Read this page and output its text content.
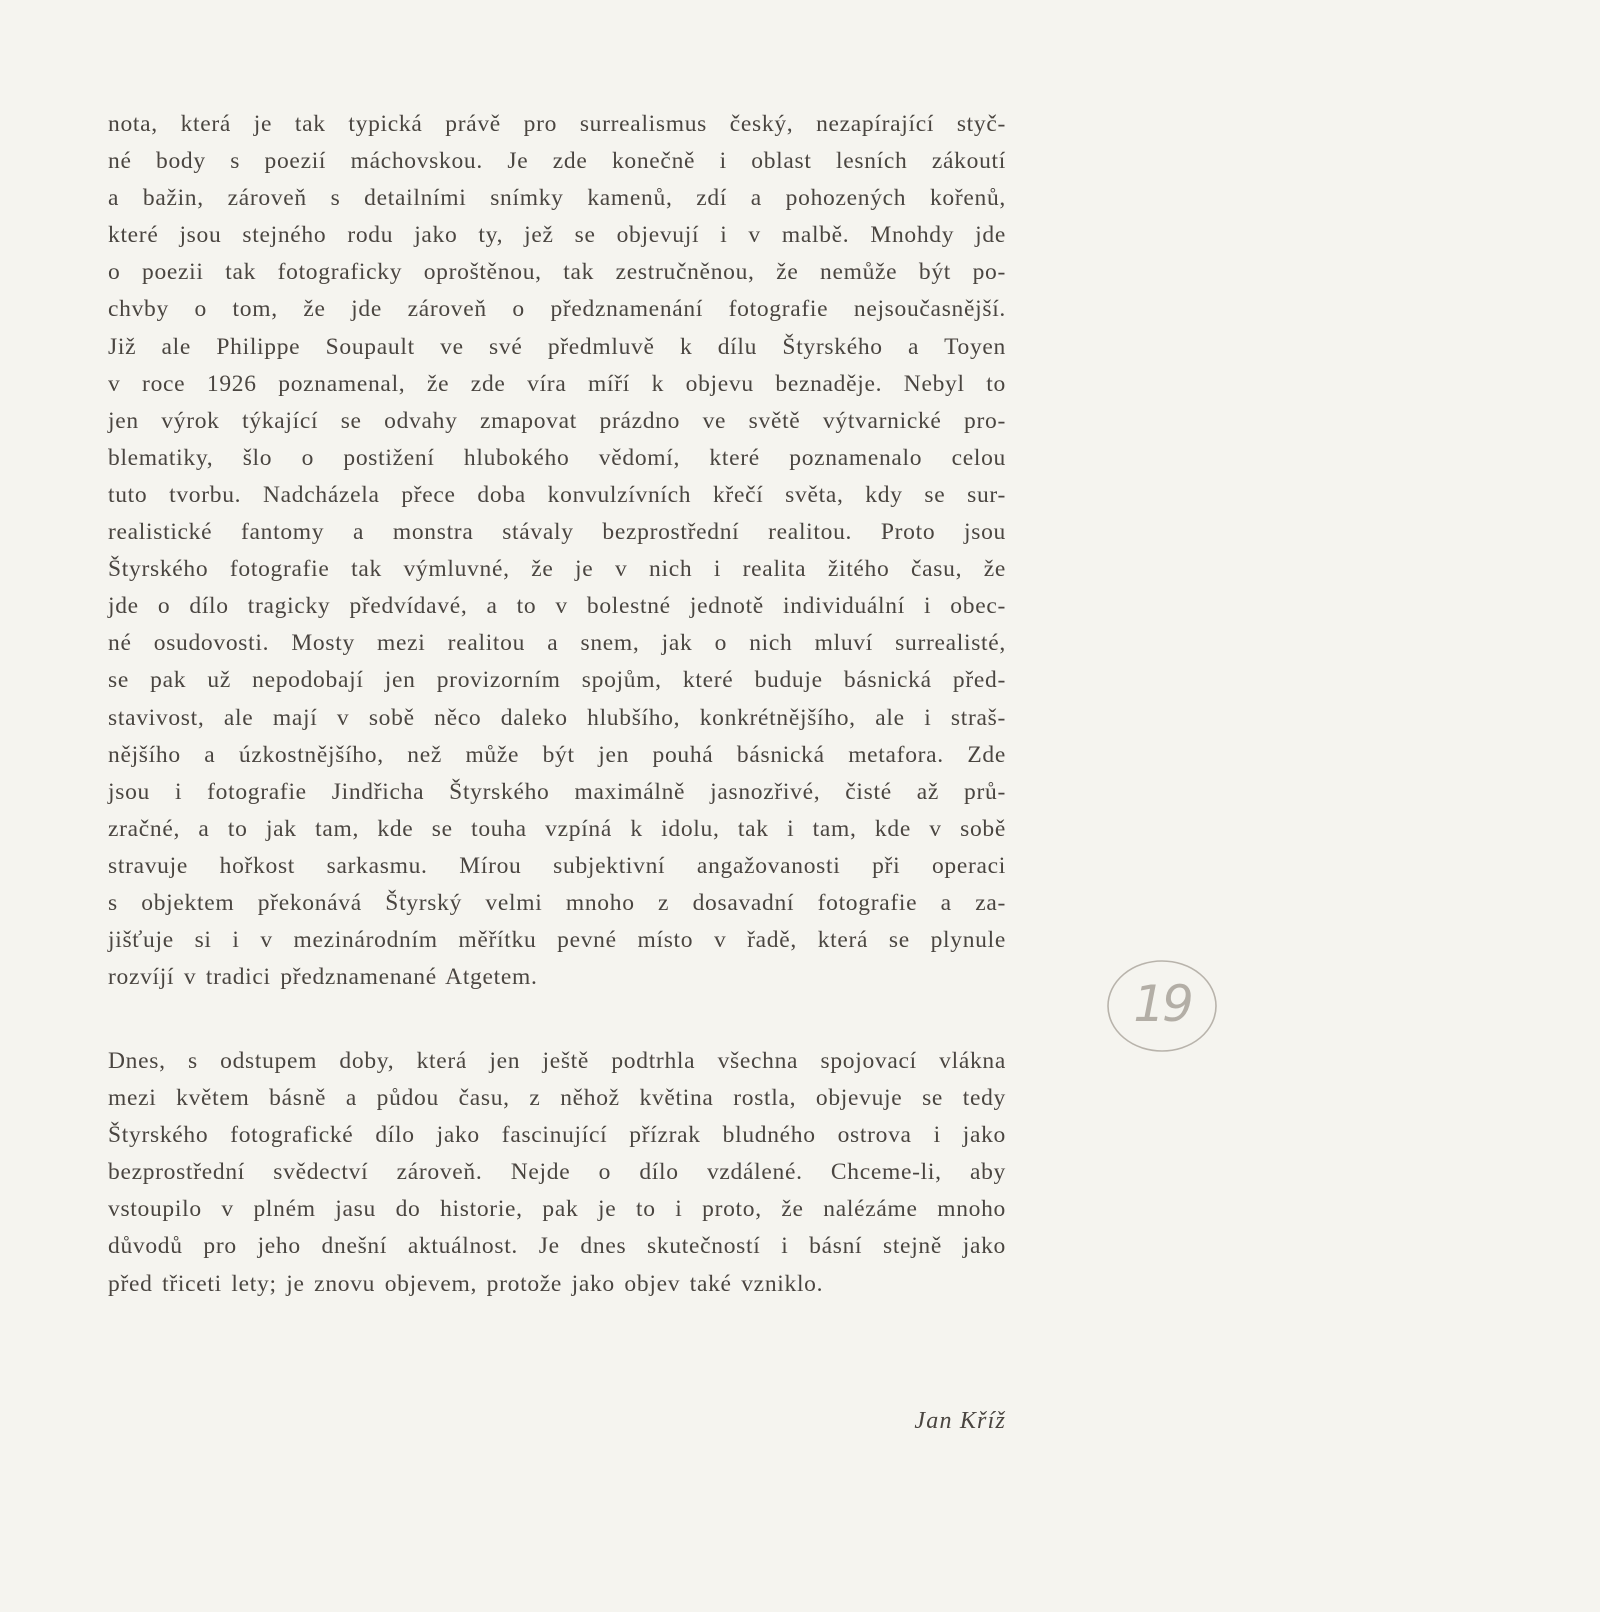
nota, která je tak typická právě pro surrealismus český, nezapírající styč-
né body s poezií máchovskou. Je zde konečně i oblast lesních zákoutí
a bažin, zároveň s detailními snímky kamenů, zdí a pohozených kořenů,
které jsou stejného rodu jako ty, jež se objevují i v malbě. Mnohdy jde
o poezii tak fotograficky oproštěnou, tak zestručněnou, že nemůže být po-
chvby o tom, že jde zároveň o předznamenání fotografie nejsoučasnější.
Již ale Philippe Soupault ve své předmluvě k dílu Štyrského a Toyen
v roce 1926 poznamenal, že zde víra míří k objevu beznaděje. Nebyl to
jen výrok týkající se odvahy zmapovat prázdno ve světě výtvarnické pro-
blematiky, šlo o postižení hlubokého vědomí, které poznamenalo celou
tuto tvorbu. Nadcházela přece doba konvulzívních křečí světa, kdy se sur-
realistické fantomy a monstra stávaly bezprostřední realitou. Proto jsou
Štyrského fotografie tak výmluvné, že je v nich i realita žitého času, že
jde o dílo tragicky předvídavé, a to v bolestné jednotě individuální i obec-
né osudovosti. Mosty mezi realitou a snem, jak o nich mluví surrealisté,
se pak už nepodobají jen provizorním spojům, které buduje básnická před-
stavivost, ale mají v sobě něco daleko hlubšího, konkrétnějšího, ale i straš-
nějšího a úzkostnějšího, než může být jen pouhá básnická metafora. Zde
jsou i fotografie Jindřicha Štyrského maximálně jasnozřivé, čisté až prů-
zračné, a to jak tam, kde se touha vzpíná k idolu, tak i tam, kde v sobě
stravuje hořkost sarkasmu. Mírou subjektivní angažovanosti při operaci
s objektem překonává Štyrský velmi mnoho z dosavadní fotografie a za-
jišťuje si i v mezinárodním měřítku pevné místo v řadě, která se plynule
rozvíjí v tradici předznamenané Atgetem.
Dnes, s odstupem doby, která jen ještě podtrhla všechna spojovací vlákna
mezi květem básně a půdou času, z něhož květina rostla, objevuje se tedy
Štyrského fotografické dílo jako fascinující přízrak bludného ostrova i jako
bezprostřední svědectví zároveň. Nejde o dílo vzdálené. Chceme-li, aby
vstoupilo v plném jasu do historie, pak je to i proto, že nalézáme mnoho
důvodů pro jeho dnešní aktuálnost. Je dnes skutečností i básní stejně jako
před třiceti lety; je znovu objevem, protože jako objev také vzniklo.
19
Jan Kříž
